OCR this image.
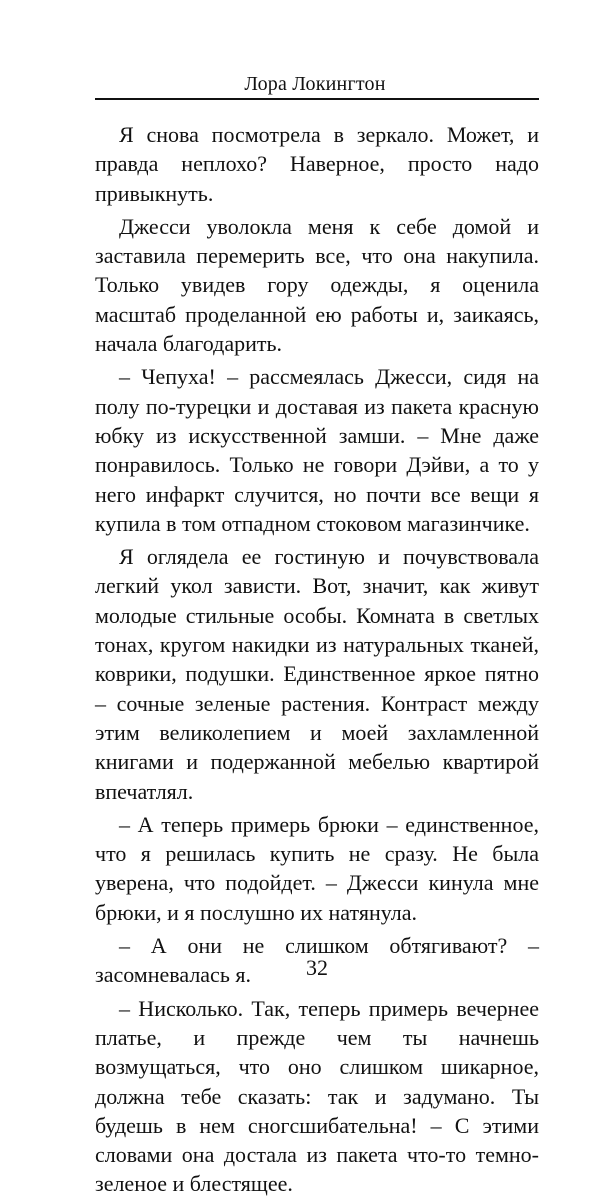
Лора Локингтон

Я снова посмотрела в зеркало. Может, и правда неплохо? Наверное, просто надо привыкнуть.

Джесси уволокла меня к себе домой и заставила перемерить все, что она накупила. Только увидев гору одежды, я оценила масштаб проделанной ею работы и, заикаясь, начала благодарить.

– Чепуха! – рассмеялась Джесси, сидя на полу по-турецки и доставая из пакета красную юбку из искусственной замши. – Мне даже понравилось. Только не говори Дэйви, а то у него инфаркт случится, но почти все вещи я купила в том отпадном стоковом магазинчике.

Я оглядела ее гостиную и почувствовала легкий укол зависти. Вот, значит, как живут молодые стильные особы. Комната в светлых тонах, кругом накидки из натуральных тканей, коврики, подушки. Единственное яркое пятно – сочные зеленые растения. Контраст между этим великолепием и моей захламленной книгами и подержанной мебелью квартирой впечатлял.

– А теперь примерь брюки – единственное, что я решилась купить не сразу. Не была уверена, что подойдет. – Джесси кинула мне брюки, и я послушно их натянула.

– А они не слишком обтягивают? – засомневалась я.

– Нисколько. Так, теперь примерь вечернее платье, и прежде чем ты начнешь возмущаться, что оно слишком шикарное, должна тебе сказать: так и задумано. Ты будешь в нем сногсшибательна! – С этими словами она достала из пакета что-то темно-зеленое и блестящее.

32
